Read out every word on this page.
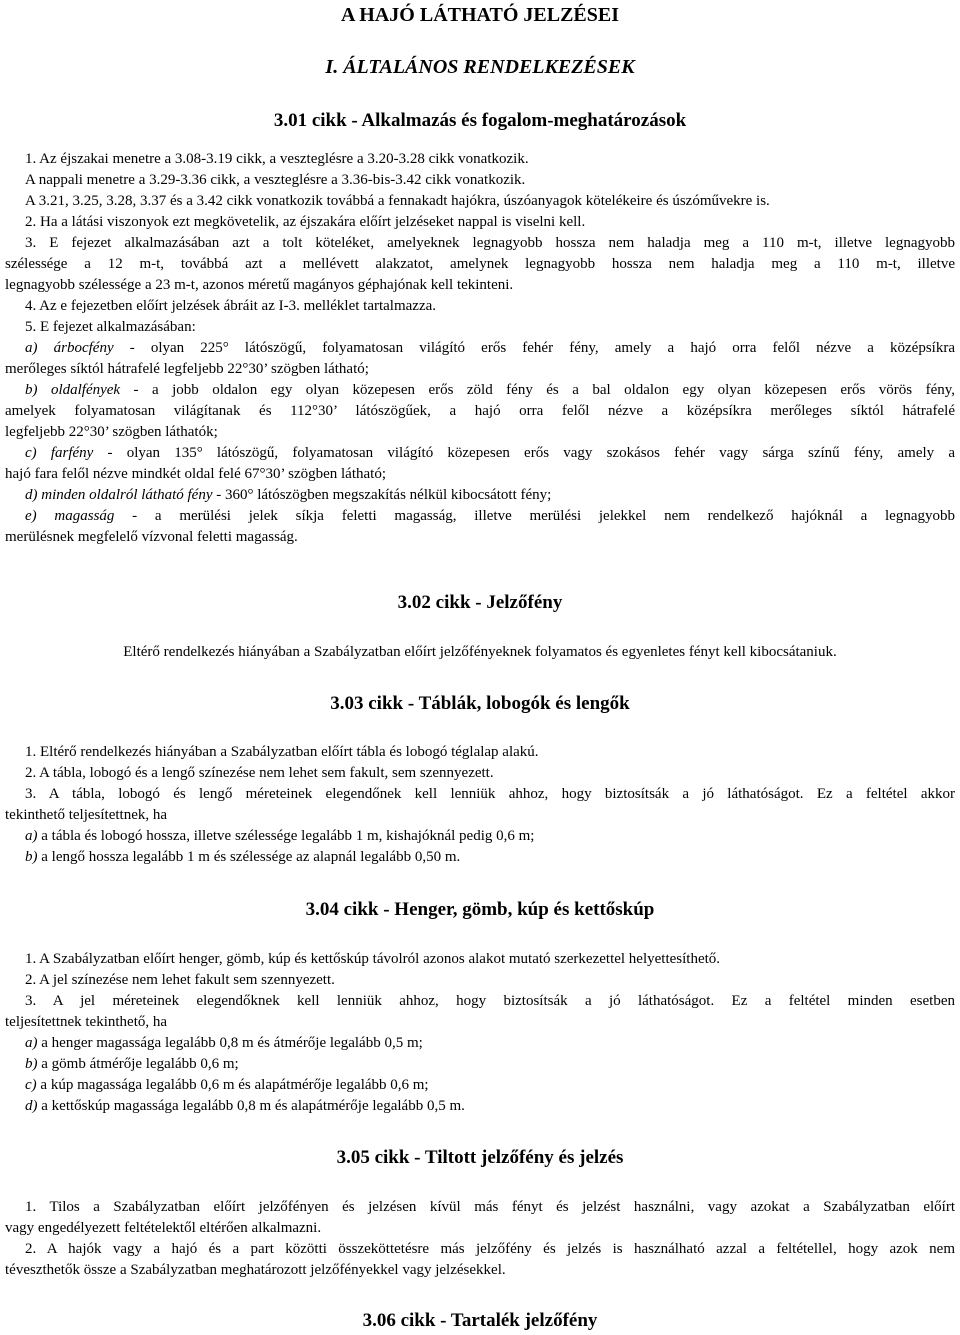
A HAJÓ LÁTHATÓ JELZÉSEI
I. ÁLTALÁNOS RENDELKEZÉSEK
3.01 cikk - Alkalmazás és fogalom-meghatározások
1. Az éjszakai menetre a 3.08-3.19 cikk, a veszteglésre a 3.20-3.28 cikk vonatkozik.
A nappali menetre a 3.29-3.36 cikk, a veszteglésre a 3.36-bis-3.42 cikk vonatkozik.
A 3.21, 3.25, 3.28, 3.37 és a 3.42 cikk vonatkozik továbbá a fennakadt hajókra, úszóanyagok kötelékeire és úszóművekre is.
2. Ha a látási viszonyok ezt megkövetelik, az éjszakára előírt jelzéseket nappal is viselni kell.
3. E fejezet alkalmazásában azt a tolt köteléket, amelyeknek legnagyobb hossza nem haladja meg a 110 m-t, illetve legnagyobb
szélessége a 12 m-t, továbbá azt a mellévett alakzatot, amelynek legnagyobb hossza nem haladja meg a 110 m-t, illetve
legnagyobb szélessége a 23 m-t, azonos méretű magányos géphajónak kell tekinteni.
4. Az e fejezetben előírt jelzések ábráit az I-3. melléklet tartalmazza.
5. E fejezet alkalmazásában:
a) árbocfény - olyan 225° látószögű, folyamatosan világító erős fehér fény, amely a hajó orra felől nézve a középsíkra
merőleges síktól hátrafelé legfeljebb 22°30’ szögben látható;
b) oldalfények - a jobb oldalon egy olyan közepesen erős zöld fény és a bal oldalon egy olyan közepesen erős vörös fény,
amelyek folyamatosan világítanak és 112°30’ látószögűek, a hajó orra felől nézve a középsíkra merőleges síktól hátrafelé
legfeljebb 22°30’ szögben láthatók;
c) farfény - olyan 135° látószögű, folyamatosan világító közepesen erős vagy szokásos fehér vagy sárga színű fény, amely a
hajó fara felől nézve mindkét oldal felé 67°30’ szögben látható;
d) minden oldalról látható fény - 360° látószögben megszakítás nélkül kibocsátott fény;
e) magasság - a merülési jelek síkja feletti magasság, illetve merülési jelekkel nem rendelkező hajóknál a legnagyobb
merülésnek megfelelő vízvonal feletti magasság.
3.02 cikk - Jelzőfény
Eltérő rendelkezés hiányában a Szabályzatban előírt jelzőfényeknek folyamatos és egyenletes fényt kell kibocsátaniuk.
3.03 cikk - Táblák, lobogók és lengők
1. Eltérő rendelkezés hiányában a Szabályzatban előírt tábla és lobogó téglalap alakú.
2. A tábla, lobogó és a lengő színezése nem lehet sem fakult, sem szennyezett.
3. A tábla, lobogó és lengő méreteinek elegendőnek kell lenniük ahhoz, hogy biztosítsák a jó láthatóságot. Ez a feltétel akkor
tekinthető teljesítettnek, ha
a) a tábla és lobogó hossza, illetve szélessége legalább 1 m, kishajóknál pedig 0,6 m;
b) a lengő hossza legalább 1 m és szélessége az alapnál legalább 0,50 m.
3.04 cikk - Henger, gömb, kúp és kettőskúp
1. A Szabályzatban előírt henger, gömb, kúp és kettőskúp távolról azonos alakot mutató szerkezettel helyettesíthető.
2. A jel színezése nem lehet fakult sem szennyezett.
3. A jel méreteinek elegendőknek kell lenniük ahhoz, hogy biztosítsák a jó láthatóságot. Ez a feltétel minden esetben
teljesítettnek tekinthető, ha
a) a henger magassága legalább 0,8 m és átmérője legalább 0,5 m;
b) a gömb átmérője legalább 0,6 m;
c) a kúp magassága legalább 0,6 m és alapátmérője legalább 0,6 m;
d) a kettőskúp magassága legalább 0,8 m és alapátmérője legalább 0,5 m.
3.05 cikk - Tiltott jelzőfény és jelzés
1. Tilos a Szabályzatban előírt jelzőfényen és jelzésen kívül más fényt és jelzést használni, vagy azokat a Szabályzatban előírt
vagy engedélyezett feltételektől eltérően alkalmazni.
2. A hajók vagy a hajó és a part közötti összeköttetésre más jelzőfény és jelzés is használható azzal a feltétellel, hogy azok nem
téveszthetők össze a Szabályzatban meghatározott jelzőfényekkel vagy jelzésekkel.
3.06 cikk - Tartalék jelzőfény
